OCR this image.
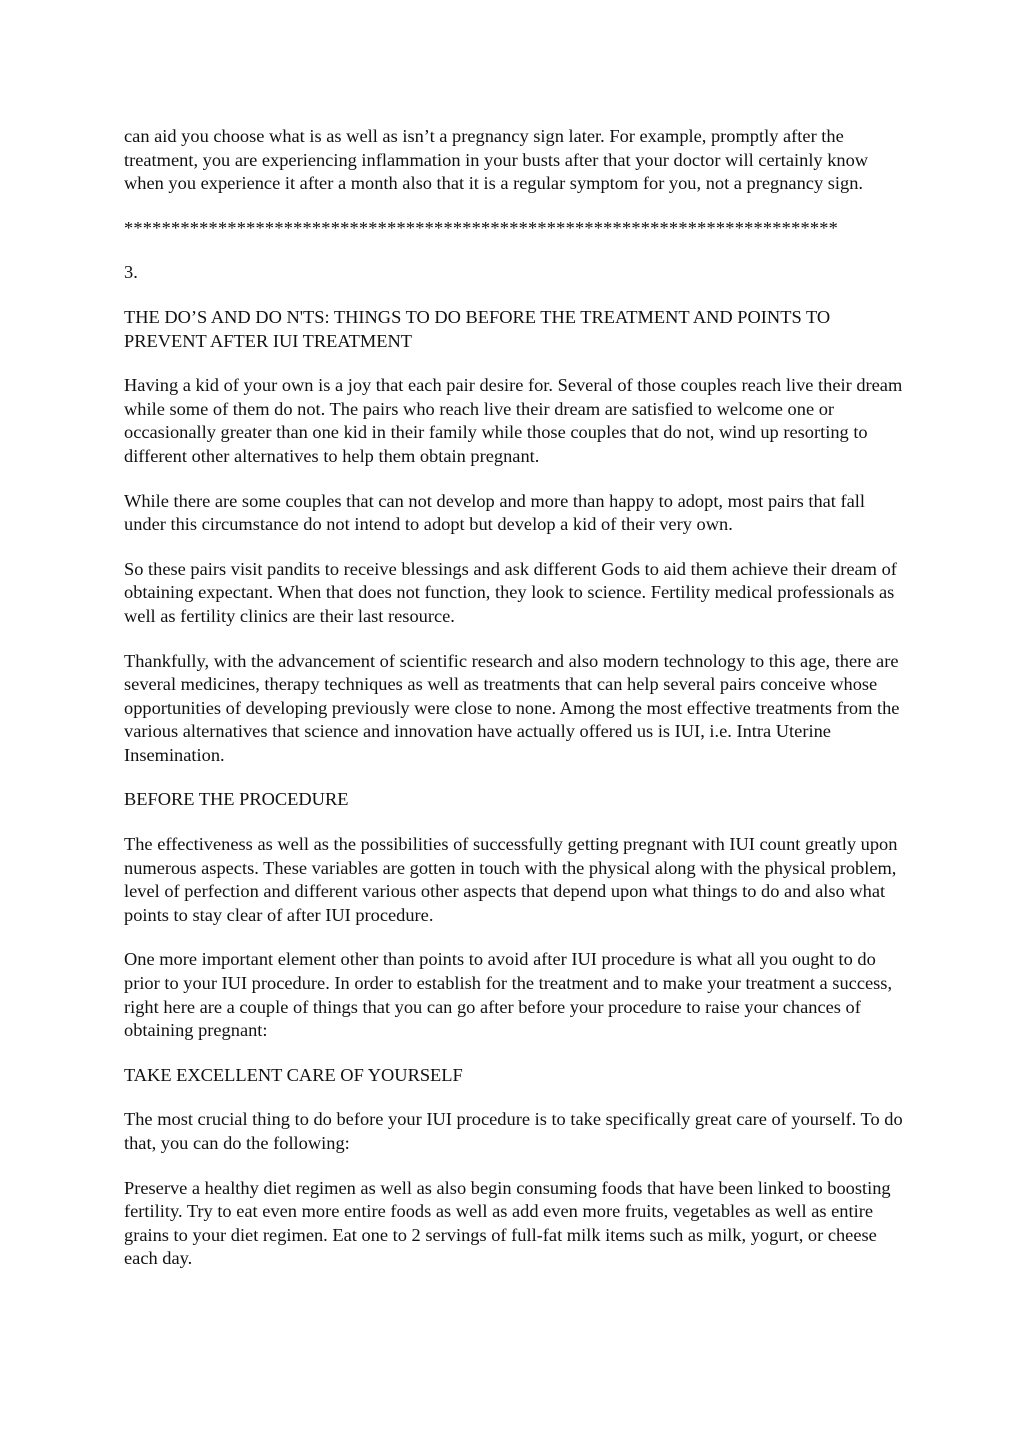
can aid you choose what is as well as isn’t a pregnancy sign later. For example, promptly after the treatment, you are experiencing inflammation in your busts after that your doctor will certainly know when you experience it after a month also that it is a regular symptom for you, not a pregnancy sign.

****************************************************************************

3.

THE DO’S AND DO N'TS: THINGS TO DO BEFORE THE TREATMENT AND POINTS TO PREVENT AFTER IUI TREATMENT

Having a kid of your own is a joy that each pair desire for. Several of those couples reach live their dream while some of them do not. The pairs who reach live their dream are satisfied to welcome one or occasionally greater than one kid in their family while those couples that do not, wind up resorting to different other alternatives to help them obtain pregnant.

While there are some couples that can not develop and more than happy to adopt, most pairs that fall under this circumstance do not intend to adopt but develop a kid of their very own.

So these pairs visit pandits to receive blessings and ask different Gods to aid them achieve their dream of obtaining expectant. When that does not function, they look to science. Fertility medical professionals as well as fertility clinics are their last resource.

Thankfully, with the advancement of scientific research and also modern technology to this age, there are several medicines, therapy techniques as well as treatments that can help several pairs conceive whose opportunities of developing previously were close to none. Among the most effective treatments from the various alternatives that science and innovation have actually offered us is IUI, i.e. Intra Uterine Insemination.

BEFORE THE PROCEDURE

The effectiveness as well as the possibilities of successfully getting pregnant with IUI count greatly upon numerous aspects. These variables are gotten in touch with the physical along with the physical problem, level of perfection and different various other aspects that depend upon what things to do and also what points to stay clear of after IUI procedure.

One more important element other than points to avoid after IUI procedure is what all you ought to do prior to your IUI procedure. In order to establish for the treatment and to make your treatment a success, right here are a couple of things that you can go after before your procedure to raise your chances of obtaining pregnant:

TAKE EXCELLENT CARE OF YOURSELF

The most crucial thing to do before your IUI procedure is to take specifically great care of yourself. To do that, you can do the following:

Preserve a healthy diet regimen as well as also begin consuming foods that have been linked to boosting fertility. Try to eat even more entire foods as well as add even more fruits, vegetables as well as entire grains to your diet regimen. Eat one to 2 servings of full-fat milk items such as milk, yogurt, or cheese each day.
